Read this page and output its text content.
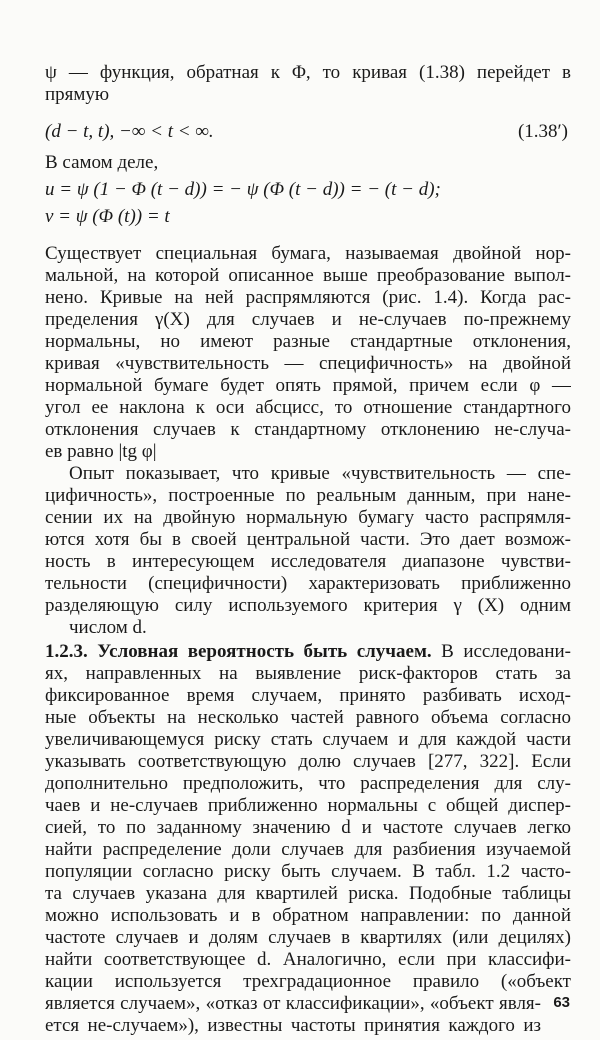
ψ — функция, обратная к Φ, то кривая (1.38) перейдет в
прямую
(d − t, t), −∞ < t < ∞.	(1.38′)
В самом деле,
u = ψ (1 − Φ (t − d)) = − ψ (Φ (t − d)) = − (t − d);
v = ψ (Φ (t)) = t
Существует специальная бумага, называемая двойной нор-
мальной, на которой описанное выше преобразование выпол-
нено. Кривые на ней распрямляются (рис. 1.4). Когда рас-
пределения γ(X) для случаев и не-случаев по-прежнему
нормальны, но имеют разные стандартные отклонения,
кривая «чувствительность — специфичность» на двойной
нормальной бумаге будет опять прямой, причем если φ —
угол ее наклона к оси абсцисс, то отношение стандартного
отклонения случаев к стандартному отклонению не-случа-
ев равно |tg φ|
Опыт показывает, что кривые «чувствительность — спе-
цифичность», построенные по реальным данным, при нане-
сении их на двойную нормальную бумагу часто распрямля-
ются хотя бы в своей центральной части. Это дает возмож-
ность в интересующем исследователя диапазоне чувстви-
тельности (специфичности) характеризовать приближенно
разделяющую силу используемого критерия γ (X) одним
числом d.
1.2.3. Условная вероятность быть случаем. В исследовани-
ях, направленных на выявление риск-факторов стать за
фиксированное время случаем, принято разбивать исход-
ные объекты на несколько частей равного объема согласно
увеличивающемуся риску стать случаем и для каждой части
указывать соответствующую долю случаев [277, 322]. Если
дополнительно предположить, что распределения для слу-
чаев и не-случаев приближенно нормальны с общей диспер-
сией, то по заданному значению d и частоте случаев легко
найти распределение доли случаев для разбиения изучаемой
популяции согласно риску быть случаем. В табл. 1.2 часто-
та случаев указана для квартилей риска. Подобные таблицы
можно использовать и в обратном направлении: по данной
частоте случаев и долям случаев в квартилях (или децилях)
найти соответствующее d. Аналогично, если при классифи-
кации используется трехградационное правило («объект
является случаем», «отказ от классификации», «объект явля-
ется не-случаем»), известны частоты принятия каждого из
63
